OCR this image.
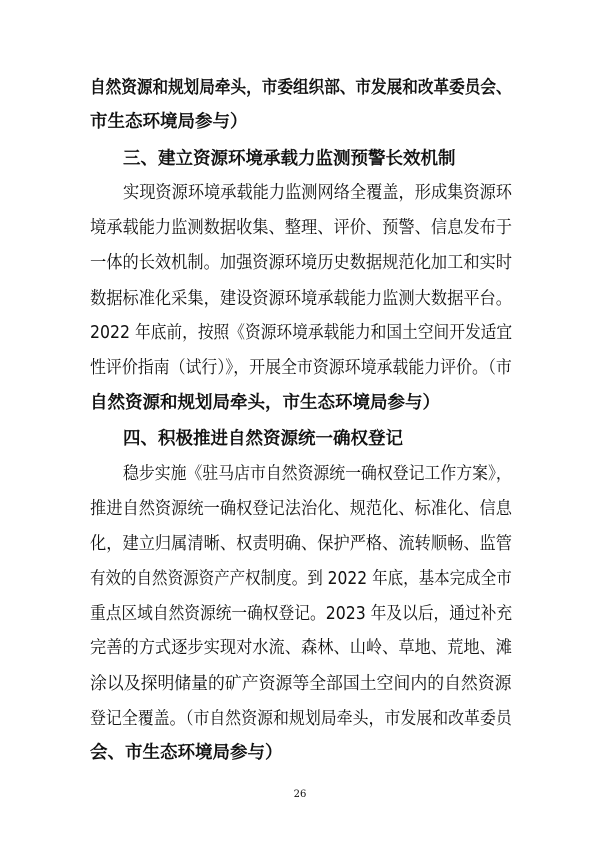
自然资源和规划局牵头，市委组织部、市发展和改革委员会、
市生态环境局参与）
三、建立资源环境承载力监测预警长效机制
实现资源环境承载能力监测网络全覆盖，形成集资源环
境承载能力监测数据收集、整理、评价、预警、信息发布于
一体的长效机制。加强资源环境历史数据规范化加工和实时
数据标准化采集，建设资源环境承载能力监测大数据平台。
2022 年底前，按照《资源环境承载能力和国土空间开发适宜
性评价指南（试行）》，开展全市资源环境承载能力评价。（市
自然资源和规划局牵头，市生态环境局参与）
四、积极推进自然资源统一确权登记
稳步实施《驻马店市自然资源统一确权登记工作方案》，
推进自然资源统一确权登记法治化、规范化、标准化、信息
化，建立归属清晰、权责明确、保护严格、流转顺畅、监管
有效的自然资源资产产权制度。到 2022 年底，基本完成全市
重点区域自然资源统一确权登记。2023 年及以后，通过补充
完善的方式逐步实现对水流、森林、山岭、草地、荒地、滩
涂以及探明储量的矿产资源等全部国土空间内的自然资源
登记全覆盖。（市自然资源和规划局牵头，市发展和改革委员
会、市生态环境局参与）
26
